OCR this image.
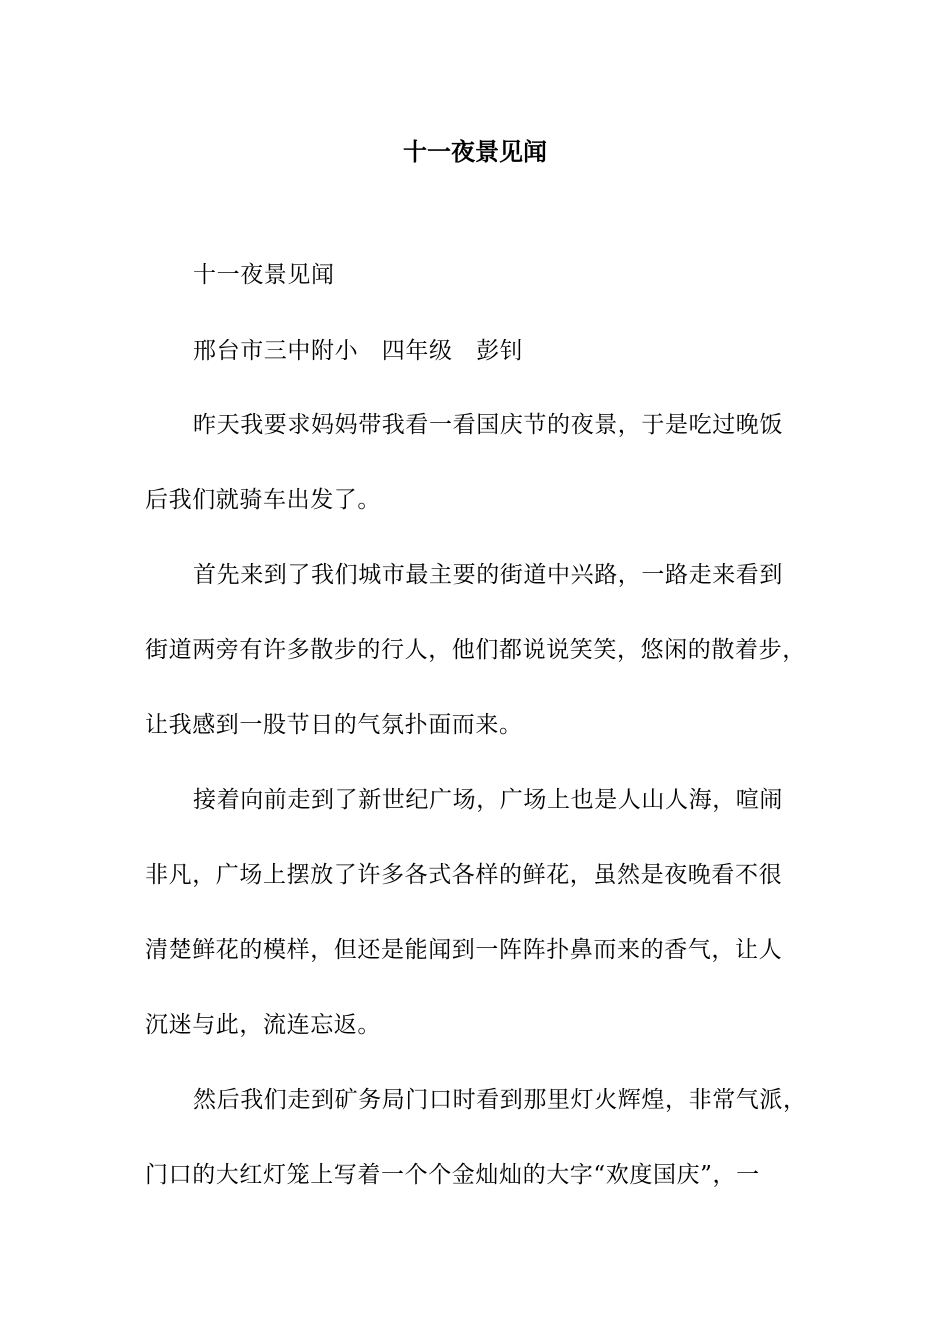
十一夜景见闻
十一夜景见闻
邢台市三中附小　四年级　彭钊
昨天我要求妈妈带我看一看国庆节的夜景，于是吃过晚饭
后我们就骑车出发了。
首先来到了我们城市最主要的街道中兴路，一路走来看到
街道两旁有许多散步的行人，他们都说说笑笑，悠闲的散着步，
让我感到一股节日的气氛扑面而来。
接着向前走到了新世纪广场，广场上也是人山人海，喧闹
非凡，广场上摆放了许多各式各样的鲜花，虽然是夜晚看不很
清楚鲜花的模样，但还是能闻到一阵阵扑鼻而来的香气，让人
沉迷与此，流连忘返。
然后我们走到矿务局门口时看到那里灯火辉煌，非常气派，
门口的大红灯笼上写着一个个金灿灿的大字“欢度国庆”，一
